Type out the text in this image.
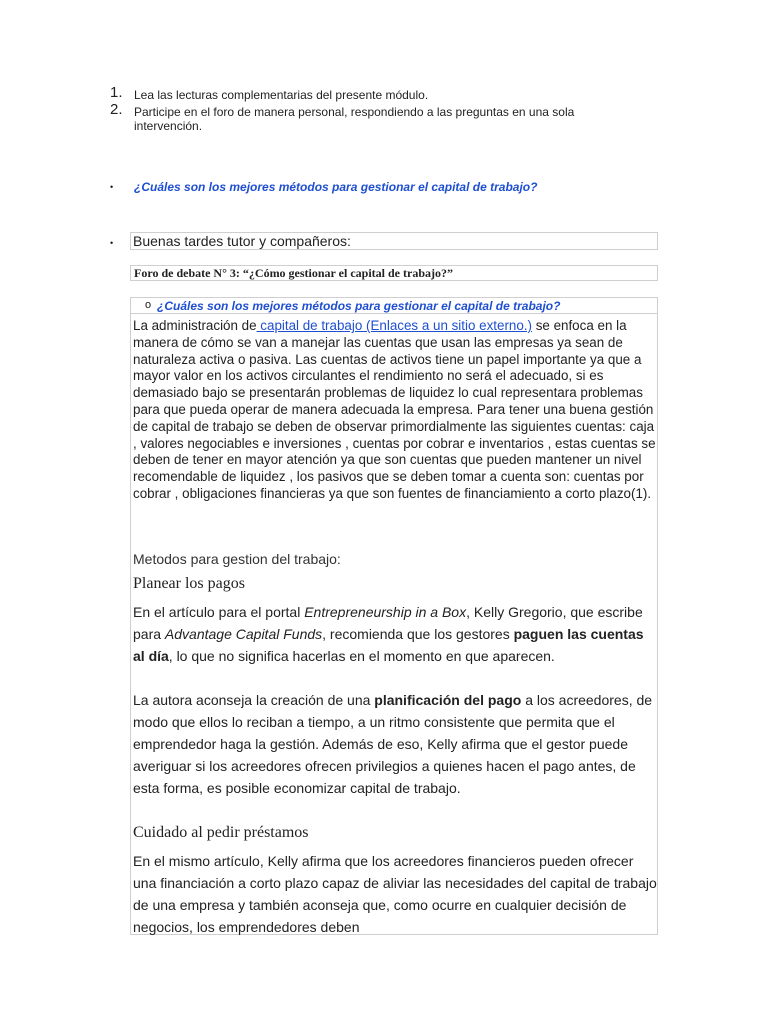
1. Lea las lecturas complementarias del presente módulo.
2. Participe en el foro de manera personal, respondiendo a las preguntas en una sola intervención.
• ¿Cuáles son los mejores métodos para gestionar el capital de trabajo?
• Buenas tardes tutor y compañeros:
Foro de debate N° 3: “¿Cómo gestionar el capital de trabajo?”
o ¿Cuáles son los mejores métodos para gestionar el capital de trabajo?
La administración de capital de trabajo (Enlaces a un sitio externo.) se enfoca en la manera de cómo se van a manejar las cuentas que usan las empresas ya sean de naturaleza activa o pasiva. Las cuentas de activos tiene un papel importante ya que a mayor valor en los activos circulantes el rendimiento no será el adecuado, si es demasiado bajo se presentarán problemas de liquidez lo cual representara problemas para que pueda operar de manera adecuada la empresa. Para tener una buena gestión de capital de trabajo se deben de observar primordialmente las siguientes cuentas: caja , valores negociables e inversiones , cuentas por cobrar e inventarios , estas cuentas se deben de tener en mayor atención ya que son cuentas que pueden mantener un nivel recomendable de liquidez , los pasivos que se deben tomar a cuenta son: cuentas por cobrar , obligaciones financieras ya que son fuentes de financiamiento a corto plazo(1).
Metodos para gestion del trabajo:
Planear los pagos
En el artículo para el portal Entrepreneurship in a Box, Kelly Gregorio, que escribe para Advantage Capital Funds, recomienda que los gestores paguen las cuentas al día, lo que no significa hacerlas en el momento en que aparecen.
La autora aconseja la creación de una planificación del pago a los acreedores, de modo que ellos lo reciban a tiempo, a un ritmo consistente que permita que el emprendedor haga la gestión. Además de eso, Kelly afirma que el gestor puede averiguar si los acreedores ofrecen privilegios a quienes hacen el pago antes, de esta forma, es posible economizar capital de trabajo.
Cuidado al pedir préstamos
En el mismo artículo, Kelly afirma que los acreedores financieros pueden ofrecer una financiación a corto plazo capaz de aliviar las necesidades del capital de trabajo de una empresa y también aconseja que, como ocurre en cualquier decisión de negocios, los emprendedores deben
